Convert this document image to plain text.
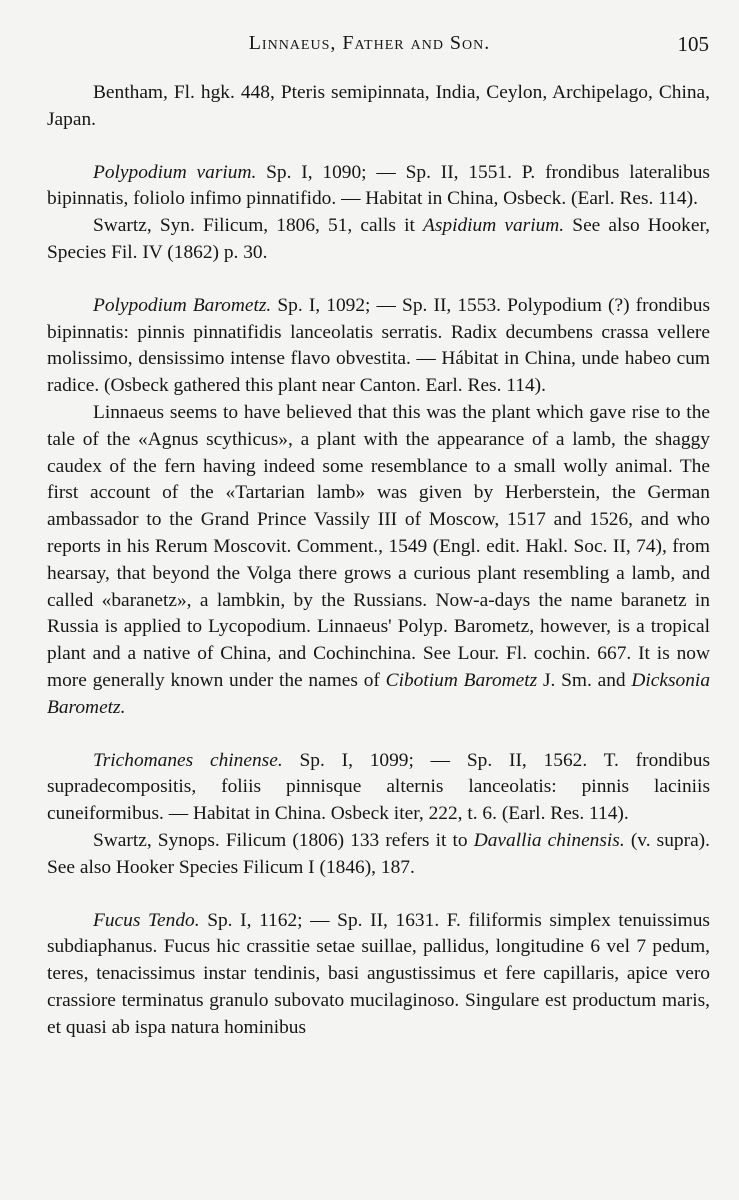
Linnaeus, Father and Son.	105

Bentham, Fl. hgk. 448, Pteris semipinnata, India, Ceylon, Archipelago, China, Japan.

Polypodium varium. Sp. I, 1090; — Sp. II, 1551. P. frondibus lateralibus bipinnatis, foliolo infimo pinnatifido. — Habitat in China, Osbeck. (Earl. Res. 114).

Swartz, Syn. Filicum, 1806, 51, calls it Aspidium varium. See also Hooker, Species Fil. IV (1862) p. 30.

Polypodium Barometz. Sp. I, 1092; — Sp. II, 1553. Polypodium (?) frondibus bipinnatis: pinnis pinnatifidis lanceolatis serratis. Radix decumbens crassa vellere molissimo, densissimo intense flavo obvestita. — Hábitat in China, unde habeo cum radice. (Osbeck gathered this plant near Canton. Earl. Res. 114).

Linnaeus seems to have believed that this was the plant which gave rise to the tale of the «Agnus scythicus», a plant with the appearance of a lamb, the shaggy caudex of the fern having indeed some resemblance to a small wolly animal. The first account of the «Tartarian lamb» was given by Herberstein, the German ambassador to the Grand Prince Vassily III of Moscow, 1517 and 1526, and who reports in his Rerum Moscovit. Comment., 1549 (Engl. edit. Hakl. Soc. II, 74), from hearsay, that beyond the Volga there grows a curious plant resembling a lamb, and called «baranetz», a lambkin, by the Russians. Now-a-days the name baranetz in Russia is applied to Lycopodium. Linnaeus' Polyp. Barometz, however, is a tropical plant and a native of China, and Cochinchina. See Lour. Fl. cochin. 667. It is now more generally known under the names of Cibotium Barometz J. Sm. and Dicksonia Barometz.

Trichomanes chinense. Sp. I, 1099; — Sp. II, 1562. T. frondibus supradecompositis, foliis pinnisque alternis lanceolatis: pinnis laciniis cuneiformibus. — Habitat in China. Osbeck iter, 222, t. 6. (Earl. Res. 114).

Swartz, Synops. Filicum (1806) 133 refers it to Davallia chinensis. (v. supra). See also Hooker Species Filicum I (1846), 187.

Fucus Tendo. Sp. I, 1162; — Sp. II, 1631. F. filiformis simplex tenuissimus subdiaphanus. Fucus hic crassitie setae suillae, pallidus, longitudine 6 vel 7 pedum, teres, tenacissimus instar tendinis, basi angustissimus et fere capillaris, apice vero crassiore terminatus granulo subovato mucilaginoso. Singulare est productum maris, et quasi ab ispa natura hominibus
